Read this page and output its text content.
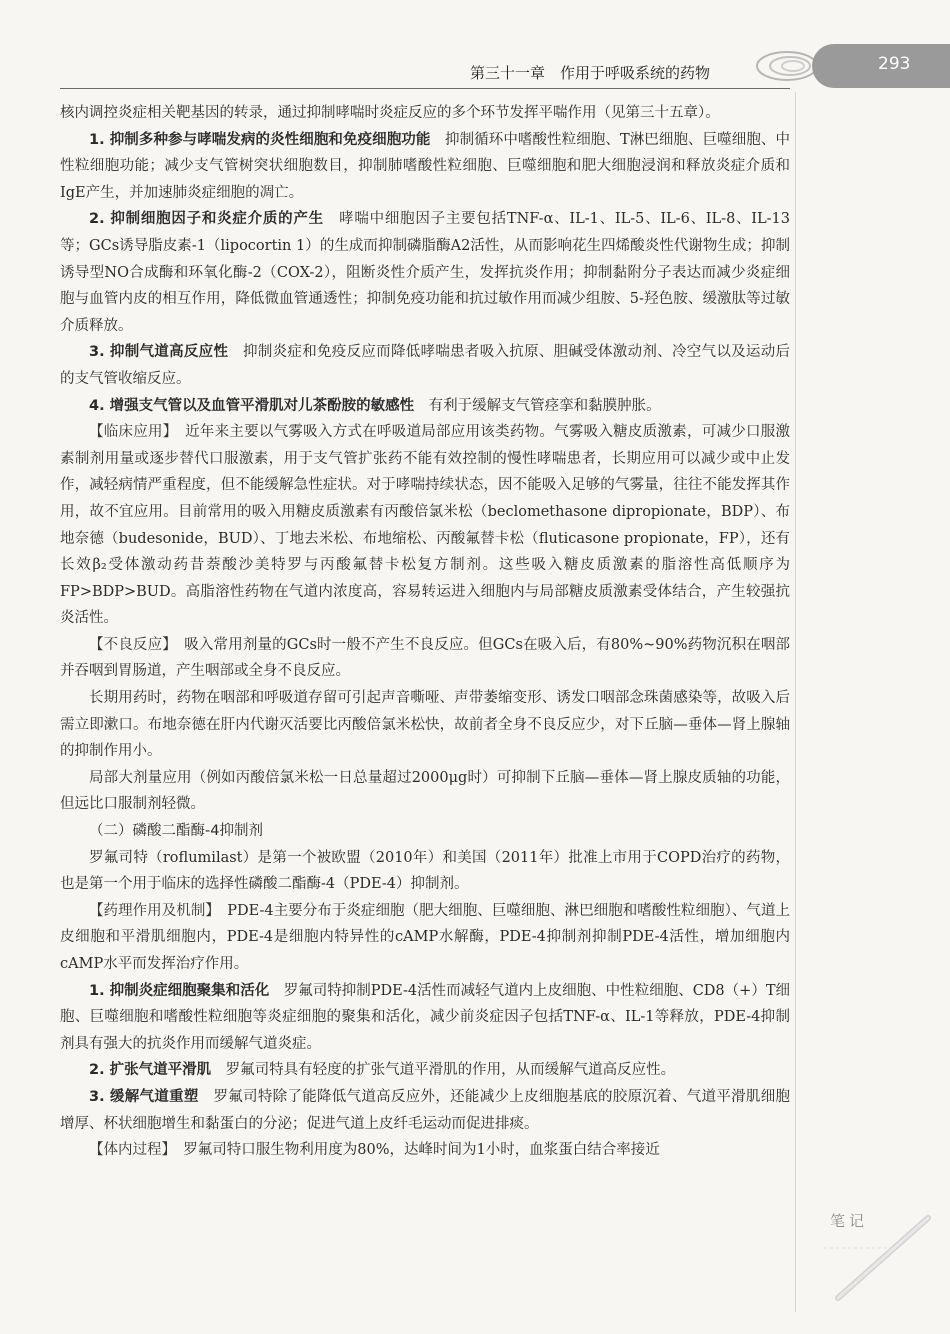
第三十一章　作用于呼吸系统的药物	293

核内调控炎症相关靶基因的转录，通过抑制哮喘时炎症反应的多个环节发挥平喘作用（见第三十五章）。

1. 抑制多种参与哮喘发病的炎性细胞和免疫细胞功能　抑制循环中嗜酸性粒细胞、T淋巴细胞、巨噬细胞、中性粒细胞功能；减少支气管树突状细胞数目，抑制肺嗜酸性粒细胞、巨噬细胞和肥大细胞浸润和释放炎症介质和IgE产生，并加速肺炎症细胞的凋亡。

2. 抑制细胞因子和炎症介质的产生　哮喘中细胞因子主要包括TNF-α、IL-1、IL-5、IL-6、IL-8、IL-13等；GCs诱导脂皮素-1（lipocortin 1）的生成而抑制磷脂酶A2活性，从而影响花生四烯酸炎性代谢物生成；抑制诱导型NO合成酶和环氧化酶-2（COX-2），阻断炎性介质产生，发挥抗炎作用；抑制黏附分子表达而减少炎症细胞与血管内皮的相互作用，降低微血管通透性；抑制免疫功能和抗过敏作用而减少组胺、5-羟色胺、缓激肽等过敏介质释放。

3. 抑制气道高反应性　抑制炎症和免疫反应而降低哮喘患者吸入抗原、胆碱受体激动剂、冷空气以及运动后的支气管收缩反应。

4. 增强支气管以及血管平滑肌对儿茶酚胺的敏感性　有利于缓解支气管痉挛和黏膜肿胀。

【临床应用】　近年来主要以气雾吸入方式在呼吸道局部应用该类药物。气雾吸入糖皮质激素，可减少口服激素制剂用量或逐步替代口服激素，用于支气管扩张药不能有效控制的慢性哮喘患者，长期应用可以减少或中止发作，减轻病情严重程度，但不能缓解急性症状。对于哮喘持续状态，因不能吸入足够的气雾量，往往不能发挥其作用，故不宜应用。目前常用的吸入用糖皮质激素有丙酸倍氯米松（beclomethasone dipropionate，BDP）、布地奈德（budesonide，BUD）、丁地去米松、布地缩松、丙酸氟替卡松（fluticasone propionate，FP），还有长效β₂受体激动药昔萘酸沙美特罗与丙酸氟替卡松复方制剂。这些吸入糖皮质激素的脂溶性高低顺序为FP>BDP>BUD。高脂溶性药物在气道内浓度高，容易转运进入细胞内与局部糖皮质激素受体结合，产生较强抗炎活性。

【不良反应】　吸入常用剂量的GCs时一般不产生不良反应。但GCs在吸入后，有80%~90%药物沉积在咽部并吞咽到胃肠道，产生咽部或全身不良反应。

长期用药时，药物在咽部和呼吸道存留可引起声音嘶哑、声带萎缩变形、诱发口咽部念珠菌感染等，故吸入后需立即漱口。布地奈德在肝内代谢灭活要比丙酸倍氯米松快，故前者全身不良反应少，对下丘脑—垂体—肾上腺轴的抑制作用小。

局部大剂量应用（例如丙酸倍氯米松一日总量超过2000μg时）可抑制下丘脑—垂体—肾上腺皮质轴的功能，但远比口服制剂轻微。

（二）磷酸二酯酶-4抑制剂

罗氟司特（roflumilast）是第一个被欧盟（2010年）和美国（2011年）批准上市用于COPD治疗的药物，也是第一个用于临床的选择性磷酸二酯酶-4（PDE-4）抑制剂。

【药理作用及机制】　PDE-4主要分布于炎症细胞（肥大细胞、巨噬细胞、淋巴细胞和嗜酸性粒细胞）、气道上皮细胞和平滑肌细胞内，PDE-4是细胞内特异性的cAMP水解酶，PDE-4抑制剂抑制PDE-4活性，增加细胞内cAMP水平而发挥治疗作用。

1. 抑制炎症细胞聚集和活化　罗氟司特抑制PDE-4活性而减轻气道内上皮细胞、中性粒细胞、CD8（+）T细胞、巨噬细胞和嗜酸性粒细胞等炎症细胞的聚集和活化，减少前炎症因子包括TNF-α、IL-1等释放，PDE-4抑制剂具有强大的抗炎作用而缓解气道炎症。

2. 扩张气道平滑肌　罗氟司特具有轻度的扩张气道平滑肌的作用，从而缓解气道高反应性。

3. 缓解气道重塑　罗氟司特除了能降低气道高反应外，还能减少上皮细胞基底的胶原沉着、气道平滑肌细胞增厚、杯状细胞增生和黏蛋白的分泌；促进气道上皮纤毛运动而促进排痰。

【体内过程】　罗氟司特口服生物利用度为80%，达峰时间为1小时，血浆蛋白结合率接近

笔记
